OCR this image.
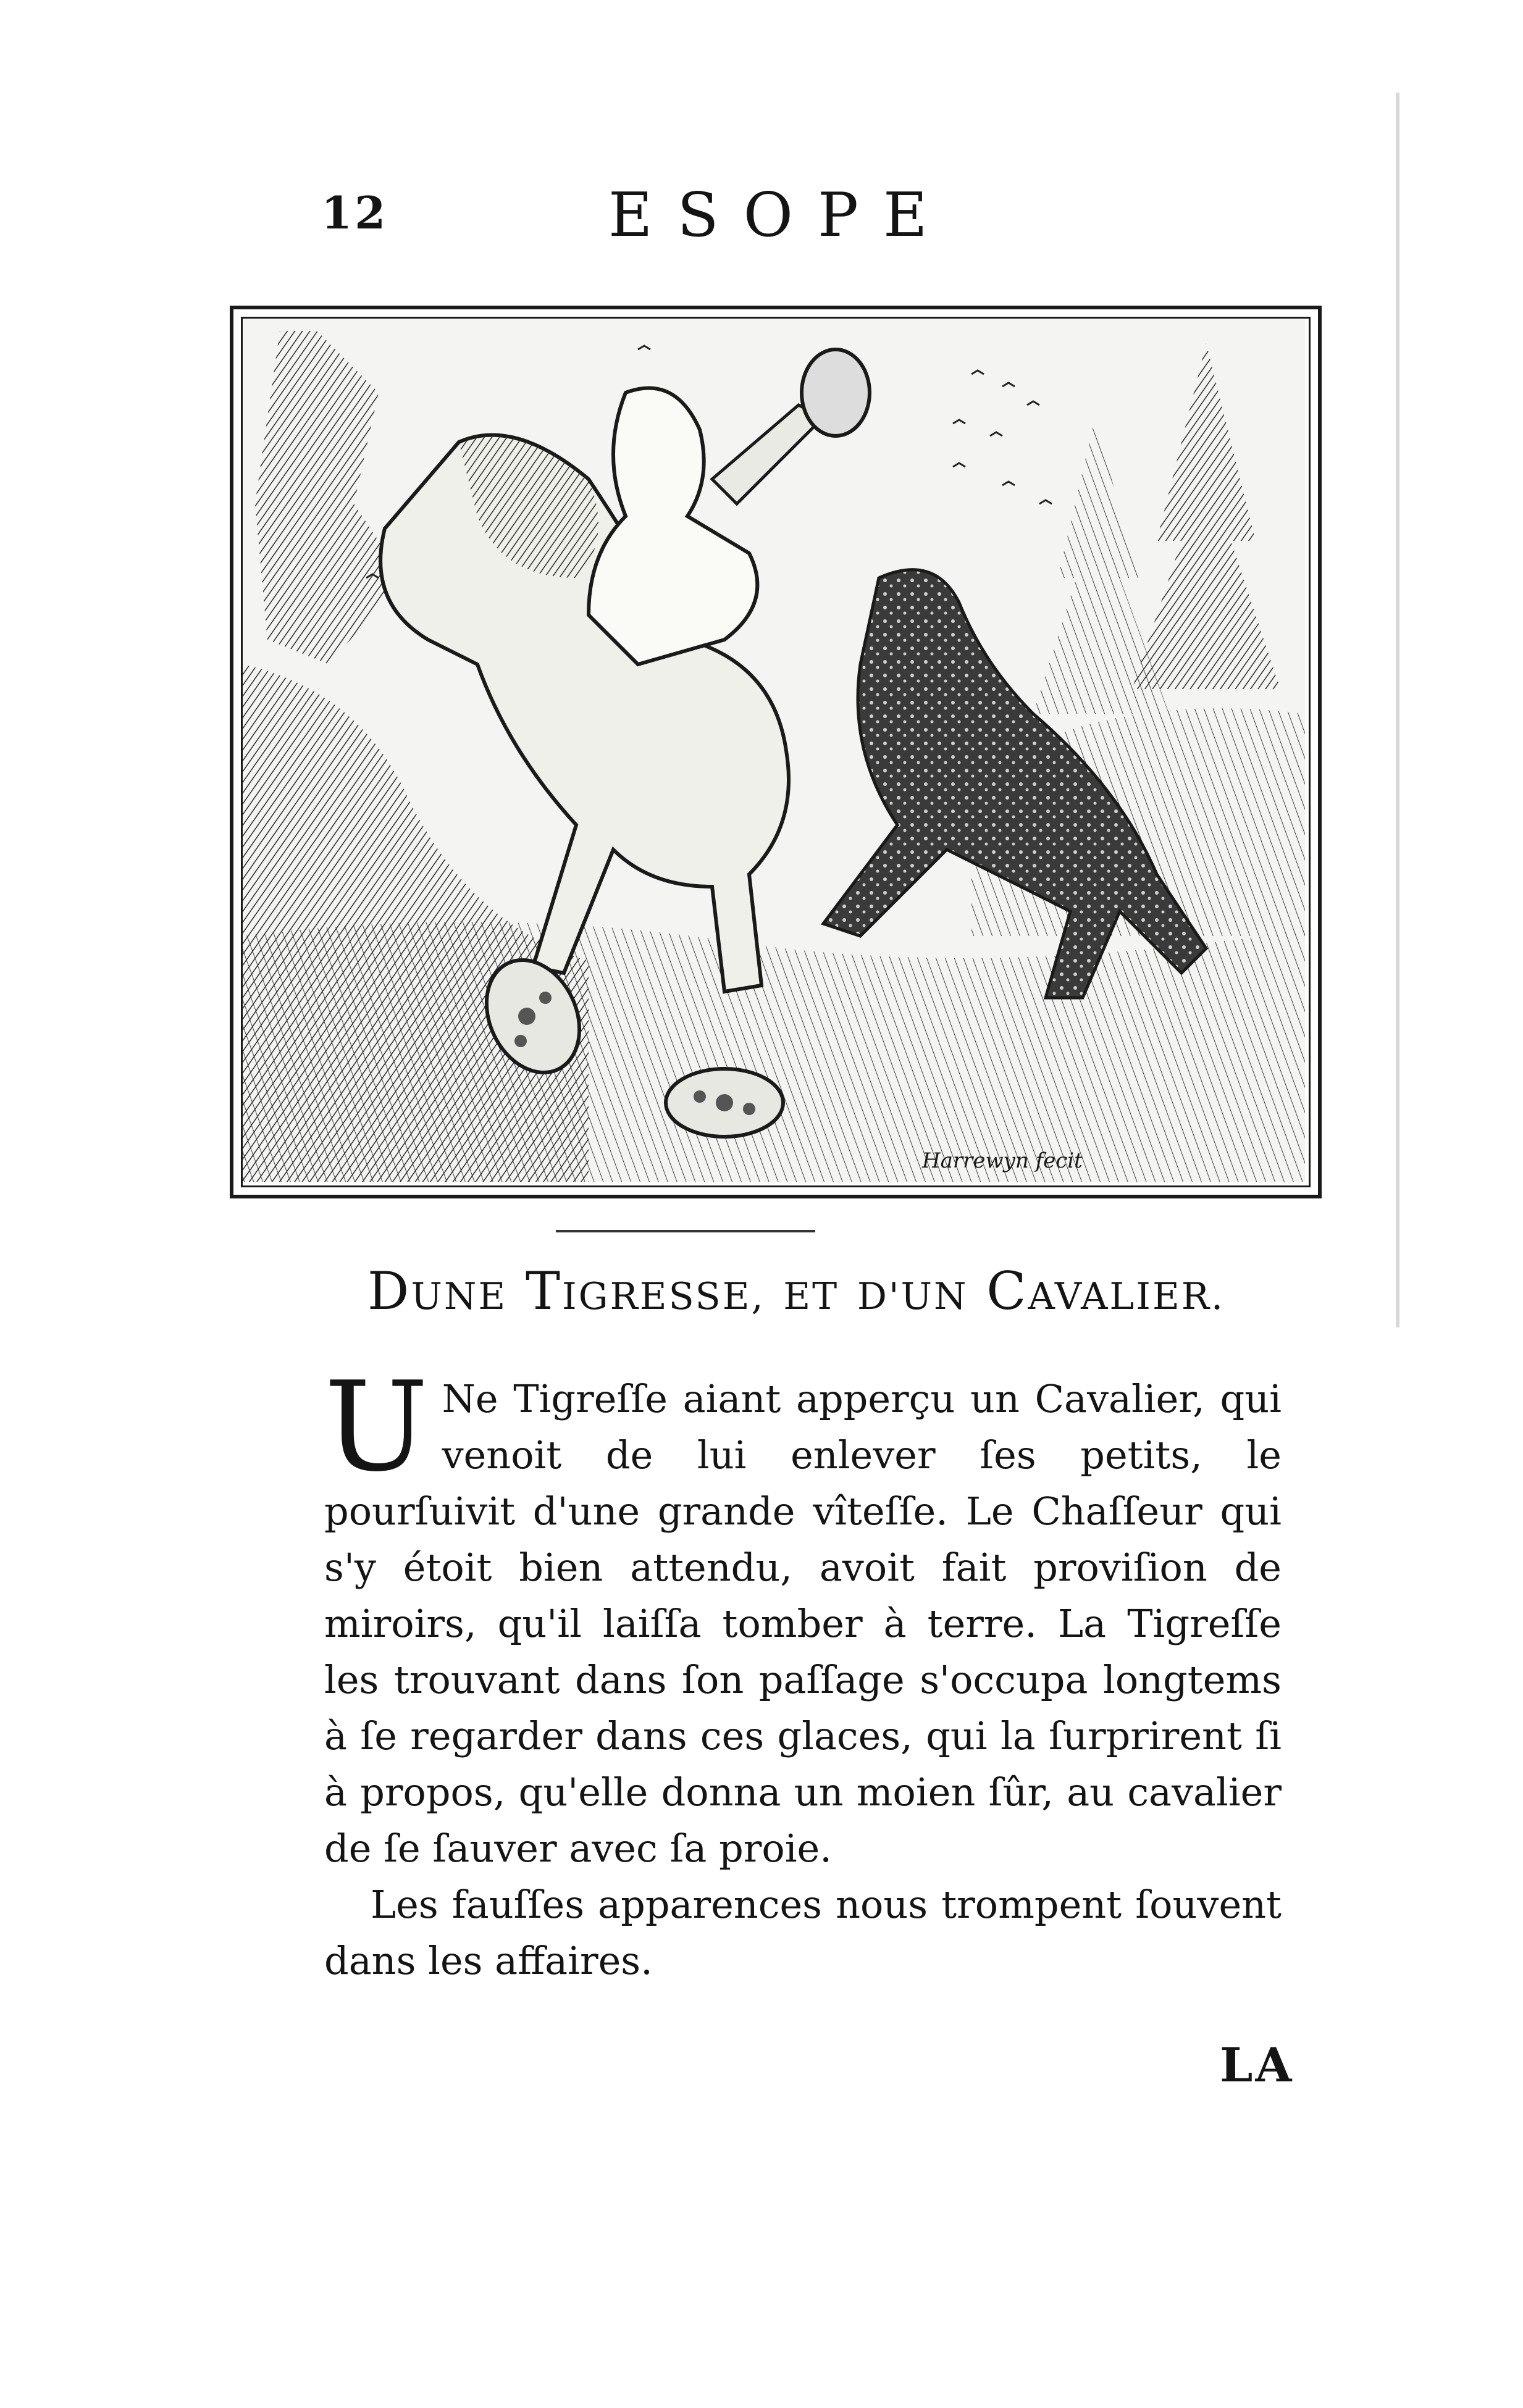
12	ESOPE
Harrewyn fecit
DUNE TIGRESSE, ET D'UN CAVALIER.
U Ne Tigreſſe aiant apperçu un Cavalier, qui venoit de lui enlever ſes petits, le pourſuivit d'une grande vîteſſe. Le Chaſſeur qui s'y étoit bien attendu, avoit fait proviſion de miroirs, qu'il laiſſa tomber à terre. La Tigreſſe les trouvant dans ſon paſſage s'occupa longtems à ſe regarder dans ces glaces, qui la ſurprirent ſi à propos, qu'elle donna un moien ſûr, au cavalier de ſe ſauver avec ſa proie.

Les fauſſes apparences nous trompent ſouvent dans les affaires.

LA
